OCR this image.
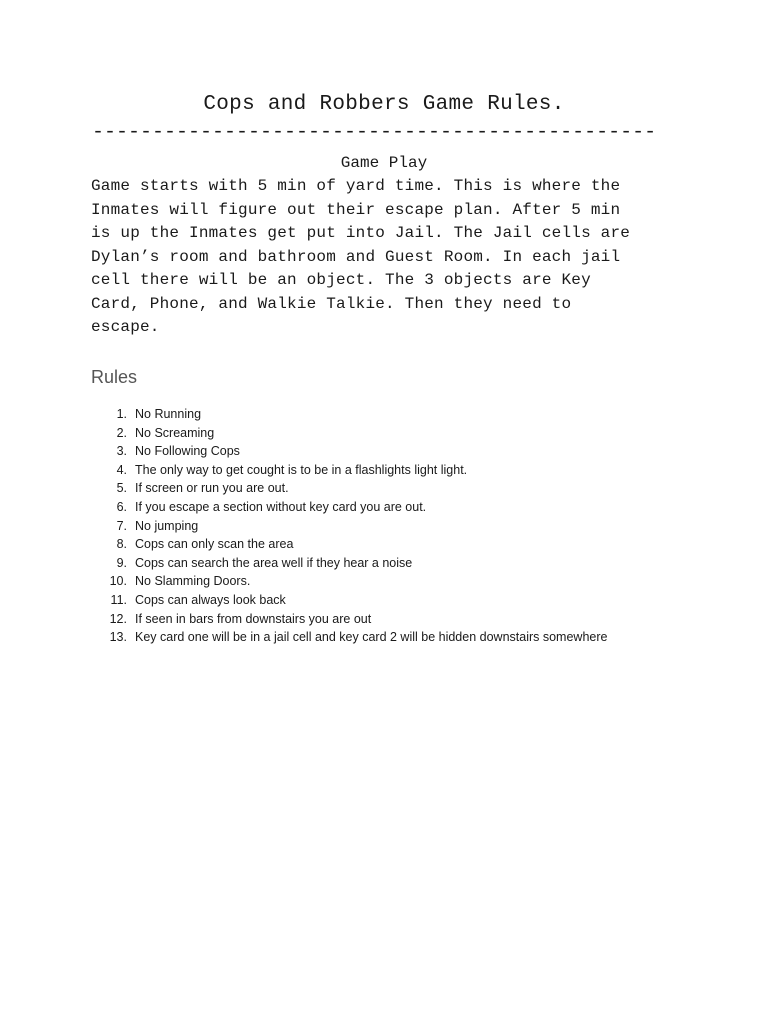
Cops and Robbers Game Rules.
-----------------------------------------------
Game Play
Game starts with 5 min of yard time. This is where the
Inmates will figure out their escape plan. After 5 min
is up the Inmates get put into Jail. The Jail cells are
Dylan’s room and bathroom and Guest Room. In each jail
cell there will be an object. The 3 objects are Key
Card, Phone, and Walkie Talkie. Then they need to
escape.
Rules
1. No Running
2. No Screaming
3. No Following Cops
4. The only way to get cought is to be in a flashlights light light.
5. If screen or run you are out.
6. If you escape a section without key card you are out.
7. No jumping
8. Cops can only scan the area
9. Cops can search the area well if they hear a noise
10. No Slamming Doors.
11. Cops can always look back
12. If seen in bars from downstairs you are out
13. Key card one will be in a jail cell and key card 2 will be hidden downstairs somewhere
